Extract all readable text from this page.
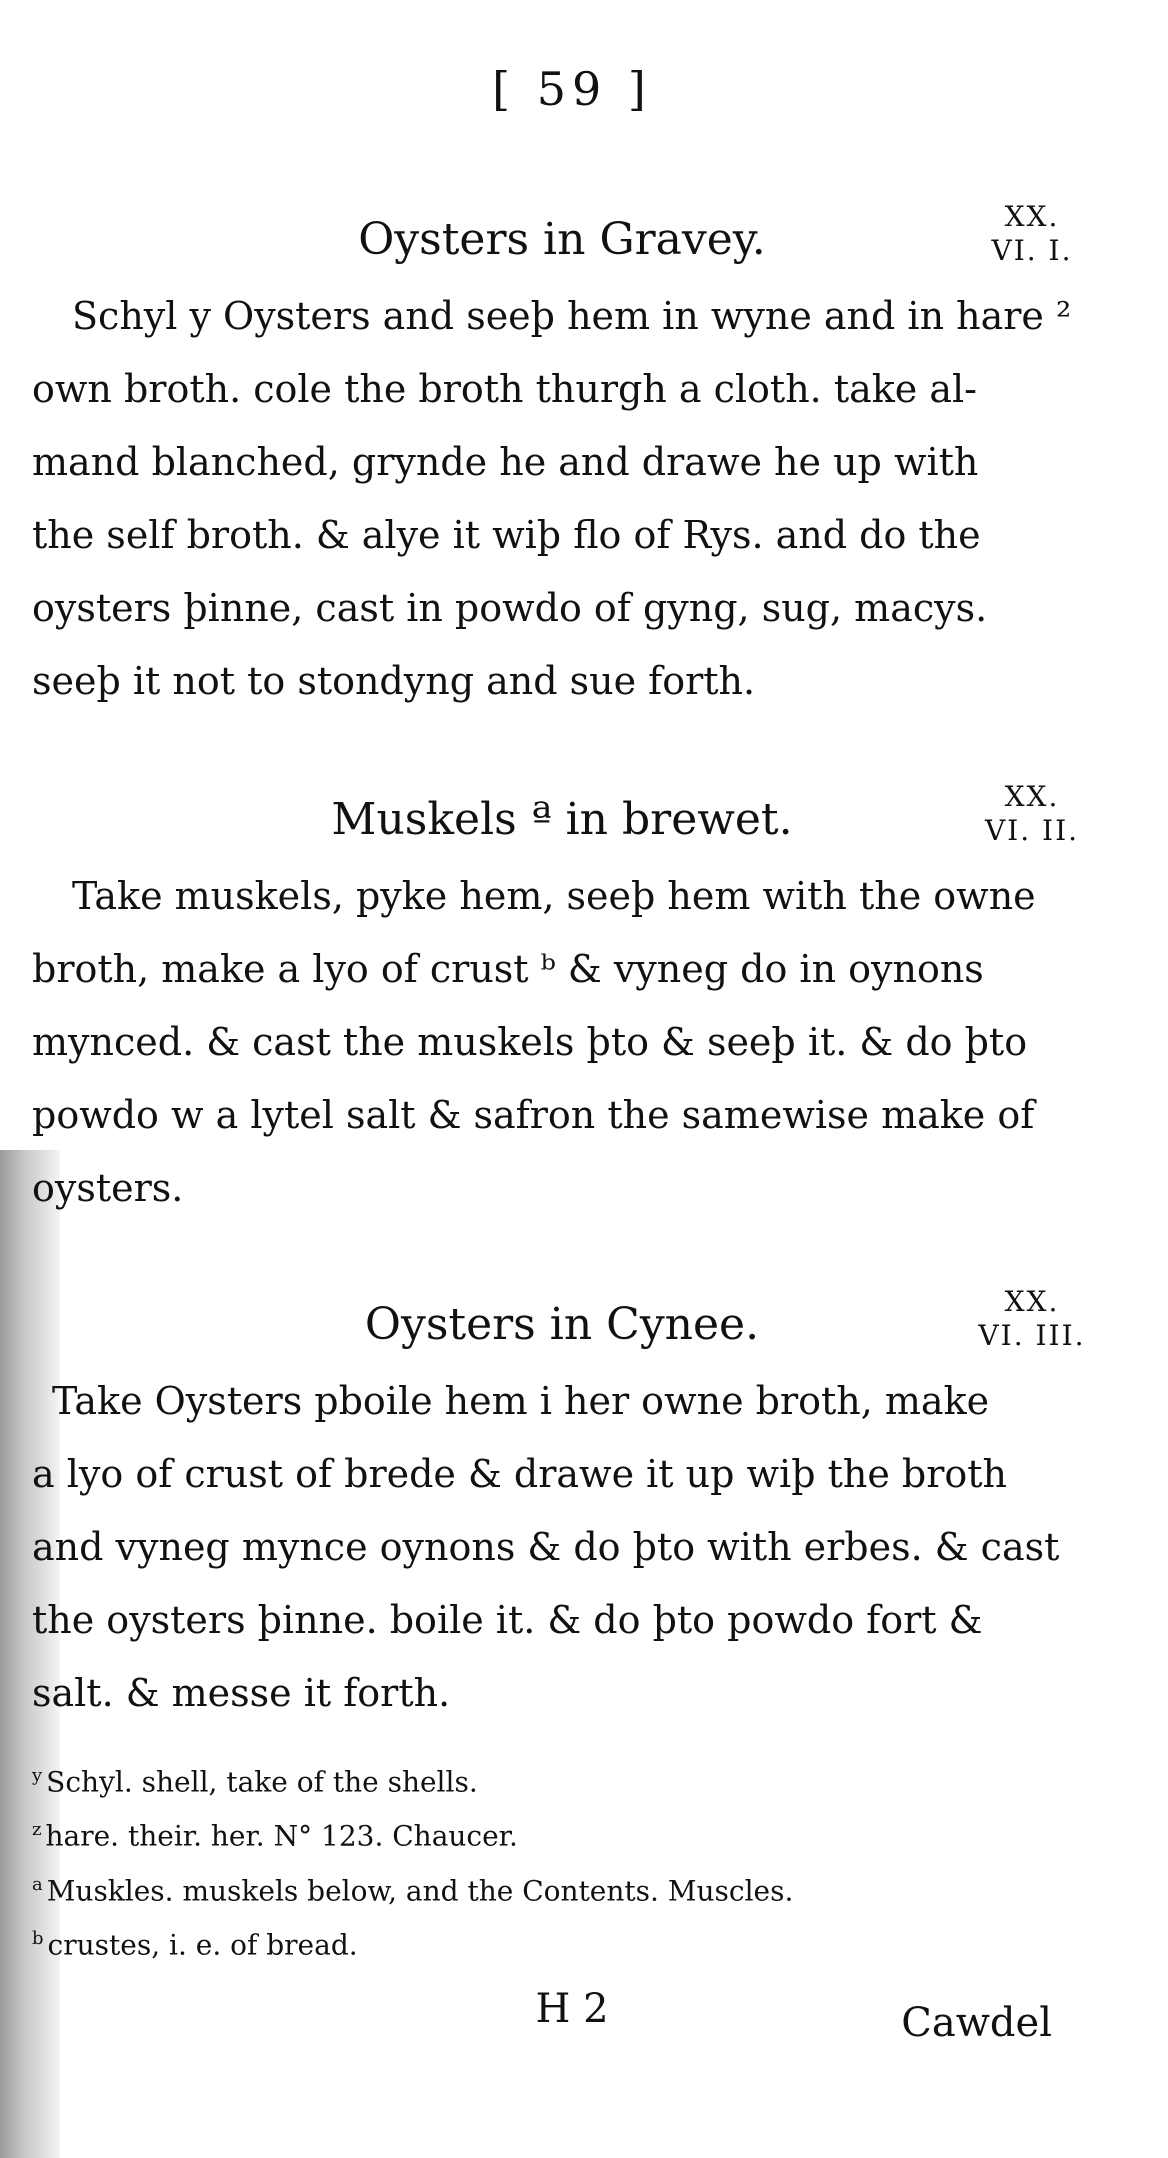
[ 59 ]
Oysters in Gravey.	XX.
VI. I.
Schyl y Oysters and seeþ hem in wyne and in hare ²
own broth. cole the broth thurgh a cloth. take al-
mand blanched, grynde he and drawe he up with
the self broth. & alye it wiþ flo of Rys. and do the
oysters þinne, cast in powdo of gyng, sug, macys.
seeþ it not to stondyng and sue forth.
Muskels ª in brewet.	XX.
VI. II.
Take muskels, pyke hem, seeþ hem with the owne
broth, make a lyo of crust ᵇ & vyneg do in oynons
mynced. & cast the muskels þto & seeþ it. & do þto
powdo w a lytel salt & safron the samewise make of
oysters.
Oysters in Cynee.	XX.
VI. III.
Take Oysters pboile hem i her owne broth, make
a lyo of crust of brede & drawe it up wiþ the broth
and vyneg mynce oynons & do þto with erbes. & cast
the oysters þinne. boile it. & do þto powdo fort &
salt. & messe it forth.
$^y$ Schyl. shell, take of the shells.
$^z$ hare. their. her. N° 123. Chaucer.
$^a$ Muskles. muskels below, and the Contents. Muscles.
$^b$ crustes, i. e. of bread.
H 2	Cawdel
